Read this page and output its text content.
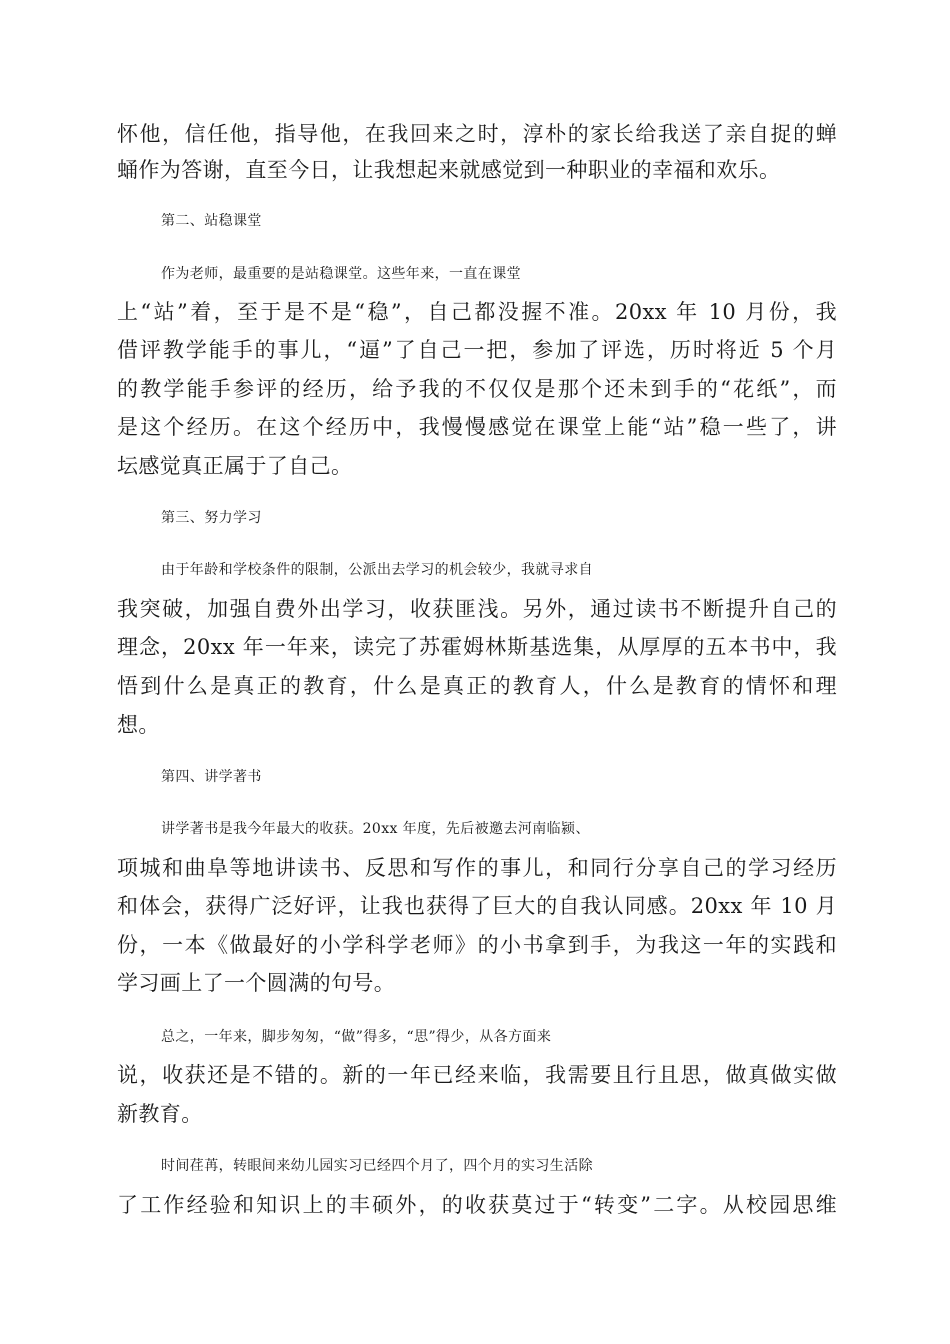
怀他，信任他，指导他，在我回来之时，淳朴的家长给我送了亲自捉的蝉
蛹作为答谢，直至今日，让我想起来就感觉到一种职业的幸福和欢乐。
第二、站稳课堂
作为老师，最重要的是站稳课堂。这些年来，一直在课堂
上“站”着，至于是不是“稳”，自己都没握不准。20xx 年 10 月份，我
借评教学能手的事儿，“逼”了自己一把，参加了评选，历时将近 5 个月
的教学能手参评的经历，给予我的不仅仅是那个还未到手的“花纸”，而
是这个经历。在这个经历中，我慢慢感觉在课堂上能“站”稳一些了，讲
坛感觉真正属于了自己。
第三、努力学习
由于年龄和学校条件的限制，公派出去学习的机会较少，我就寻求自
我突破，加强自费外出学习，收获匪浅。另外，通过读书不断提升自己的
理念，20xx 年一年来，读完了苏霍姆林斯基选集，从厚厚的五本书中，我
悟到什么是真正的教育，什么是真正的教育人，什么是教育的情怀和理
想。
第四、讲学著书
讲学著书是我今年最大的收获。20xx 年度，先后被邀去河南临颍、
项城和曲阜等地讲读书、反思和写作的事儿，和同行分享自己的学习经历
和体会，获得广泛好评，让我也获得了巨大的自我认同感。20xx 年 10 月
份，一本《做最好的小学科学老师》的小书拿到手，为我这一年的实践和
学习画上了一个圆满的句号。
总之，一年来，脚步匆匆，“做”得多，“思”得少，从各方面来
说，收获还是不错的。新的一年已经来临，我需要且行且思，做真做实做
新教育。
时间荏苒，转眼间来幼儿园实习已经四个月了，四个月的实习生活除
了工作经验和知识上的丰硕外，的收获莫过于“转变”二字。从校园思维
